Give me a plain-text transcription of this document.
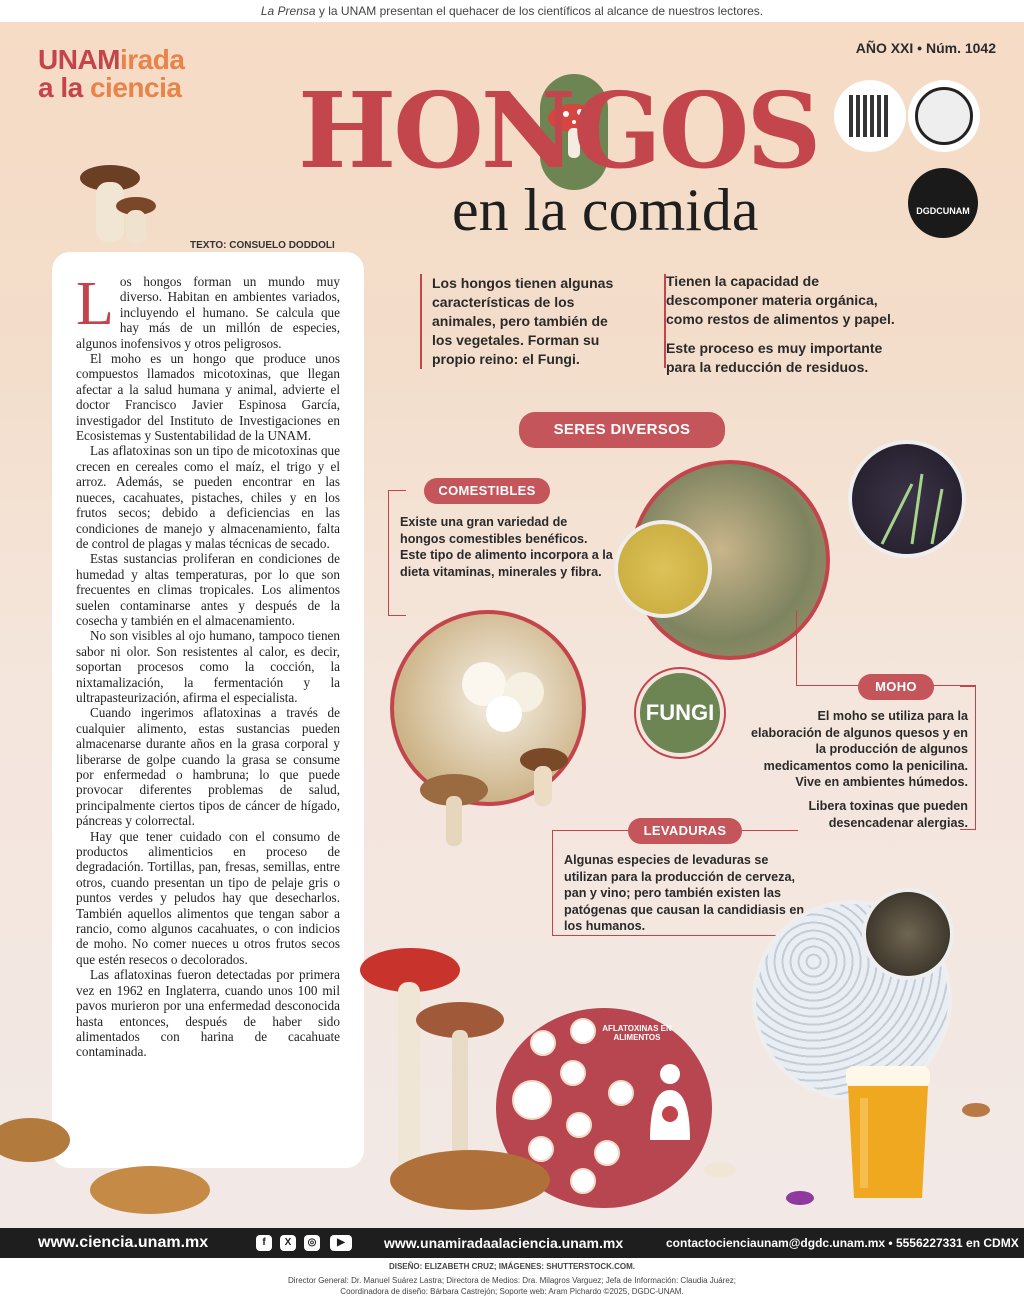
La Prensa y la UNAM presentan el quehacer de los científicos al alcance de nuestros lectores.
UNAMirada
a la ciencia
AÑO XXI • Núm. 1042
HONGOS
en la comida	DGDCUNAM
TEXTO: CONSUELO DODDOLI
L os hongos forman un mundo muy diverso. Habitan en ambientes variados, incluyendo el humano. Se calcula que hay más de un millón de especies, algunos inofensivos y otros peligrosos.

El moho es un hongo que produce unos compuestos llamados micotoxinas, que llegan afectar a la salud humana y animal, advierte el doctor Francisco Javier Espinosa García, investigador del Instituto de Investigaciones en Ecosistemas y Sustentabilidad de la UNAM.

Las aflatoxinas son un tipo de micotoxinas que crecen en cereales como el maíz, el trigo y el arroz. Además, se pueden encontrar en las nueces, cacahuates, pistaches, chiles y en los frutos secos; debido a deficiencias en las condiciones de manejo y almacenamiento, falta de control de plagas y malas técnicas de secado.

Estas sustancias proliferan en condiciones de humedad y altas temperaturas, por lo que son frecuentes en climas tropicales. Los alimentos suelen contaminarse antes y después de la cosecha y también en el almacenamiento.

No son visibles al ojo humano, tampoco tienen sabor ni olor. Son resistentes al calor, es decir, soportan procesos como la cocción, la nixtamalización, la fermentación y la ultrapasteurización, afirma el especialista.

Cuando ingerimos aflatoxinas a través de cualquier alimento, estas sustancias pueden almacenarse durante años en la grasa corporal y liberarse de golpe cuando la grasa se consume por enfermedad o hambruna; lo que puede provocar diferentes problemas de salud, principalmente ciertos tipos de cáncer de hígado, páncreas y colorrectal.

Hay que tener cuidado con el consumo de productos alimenticios en proceso de degradación. Tortillas, pan, fresas, semillas, entre otros, cuando presentan un tipo de pelaje gris o puntos verdes y peludos hay que desecharlos. También aquellos alimentos que tengan sabor a rancio, como algunos cacahuates, o con indicios de moho. No comer nueces u otros frutos secos que estén resecos o decolorados.

Las aflatoxinas fueron detectadas por primera vez en 1962 en Inglaterra, cuando unos 100 mil pavos murieron por una enfermedad desconocida hasta entonces, después de haber sido alimentados con harina de cacahuate contaminada.

Los hongos tienen algunas características de los animales, pero también de los vegetales. Forman su propio reino: el Fungi.

Tienen la capacidad de descomponer materia orgánica, como restos de alimentos y papel.

Este proceso es muy importante para la reducción de residuos.

SERES DIVERSOS
COMESTIBLES
Existe una gran variedad de hongos comestibles benéficos. Este tipo de alimento incorpora a la dieta vitaminas, minerales y fibra.
FUNGI
MOHO
El moho se utiliza para la elaboración de algunos quesos y en la producción de algunos medicamentos como la penicilina. Vive en ambientes húmedos.
Libera toxinas que pueden desencadenar alergias.
LEVADURAS
Algunas especies de levaduras se utilizan para la producción de cerveza, pan y vino; pero también existen las patógenas que causan la candidiasis en los humanos.
AFLATOXINAS EN ALIMENTOS
www.ciencia.unam.mx	f	X	◎	▶	www.unamiradaalaciencia.unam.mx	contactocienciaunam@dgdc.unam.mx • 5556227331 en CDMX
DISEÑO: ELIZABETH CRUZ; IMÁGENES: SHUTTERSTOCK.COM.
Director General: Dr. Manuel Suárez Lastra; Directora de Medios: Dra. Milagros Varguez; Jefa de Información: Claudia Juárez;
Coordinadora de diseño: Bárbara Castrejón; Soporte web: Aram Pichardo ©2025, DGDC-UNAM.
